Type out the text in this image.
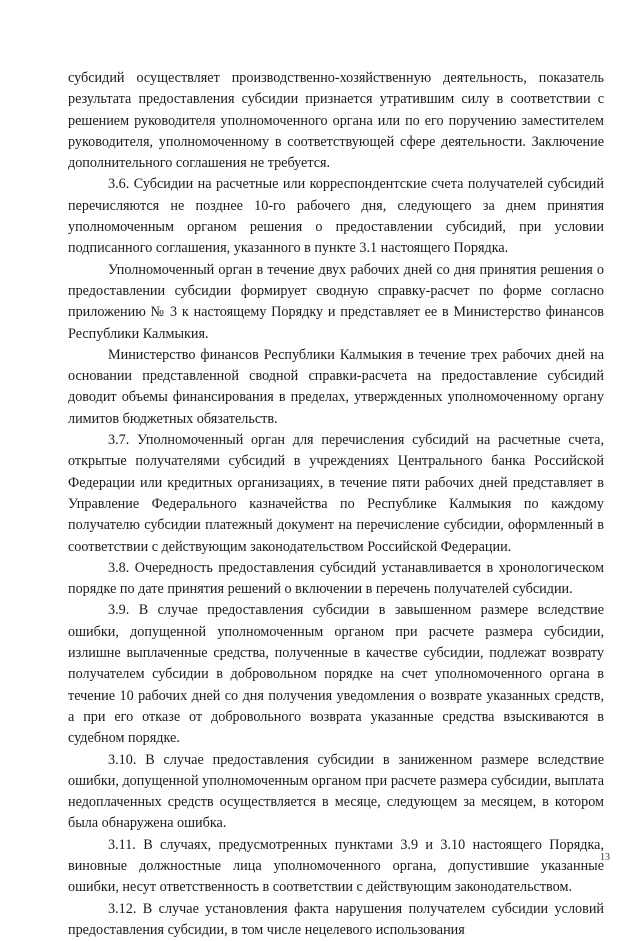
субсидий осуществляет производственно-хозяйственную деятельность, показатель результата предоставления субсидии признается утратившим силу в соответствии с решением руководителя уполномоченного органа или по его поручению заместителем руководителя, уполномоченному в соответствующей сфере деятельности. Заключение дополнительного соглашения не требуется.

3.6. Субсидии на расчетные или корреспондентские счета получателей субсидий перечисляются не позднее 10-го рабочего дня, следующего за днем принятия уполномоченным органом решения о предоставлении субсидий, при условии подписанного соглашения, указанного в пункте 3.1 настоящего Порядка.

Уполномоченный орган в течение двух рабочих дней со дня принятия решения о предоставлении субсидии формирует сводную справку-расчет по форме согласно приложению № 3 к настоящему Порядку и представляет ее в Министерство финансов Республики Калмыкия.

Министерство финансов Республики Калмыкия в течение трех рабочих дней на основании представленной сводной справки-расчета на предоставление субсидий доводит объемы финансирования в пределах, утвержденных уполномоченному органу лимитов бюджетных обязательств.

3.7. Уполномоченный орган для перечисления субсидий на расчетные счета, открытые получателями субсидий в учреждениях Центрального банка Российской Федерации или кредитных организациях, в течение пяти рабочих дней представляет в Управление Федерального казначейства по Республике Калмыкия по каждому получателю субсидии платежный документ на перечисление субсидии, оформленный в соответствии с действующим законодательством Российской Федерации.

3.8. Очередность предоставления субсидий устанавливается в хронологическом порядке по дате принятия решений о включении в перечень получателей субсидии.

3.9. В случае предоставления субсидии в завышенном размере вследствие ошибки, допущенной уполномоченным органом при расчете размера субсидии, излишне выплаченные средства, полученные в качестве субсидии, подлежат возврату получателем субсидии в добровольном порядке на счет уполномоченного органа в течение 10 рабочих дней со дня получения уведомления о возврате указанных средств, а при его отказе от добровольного возврата указанные средства взыскиваются в судебном порядке.

3.10. В случае предоставления субсидии в заниженном размере вследствие ошибки, допущенной уполномоченным органом при расчете размера субсидии, выплата недоплаченных средств осуществляется в месяце, следующем за месяцем, в котором была обнаружена ошибка.

3.11. В случаях, предусмотренных пунктами 3.9 и 3.10 настоящего Порядка, виновные должностные лица уполномоченного органа, допустившие указанные ошибки, несут ответственность в соответствии с действующим законодательством.

3.12. В случае установления факта нарушения получателем субсидии условий предоставления субсидии, в том числе нецелевого использования

13
